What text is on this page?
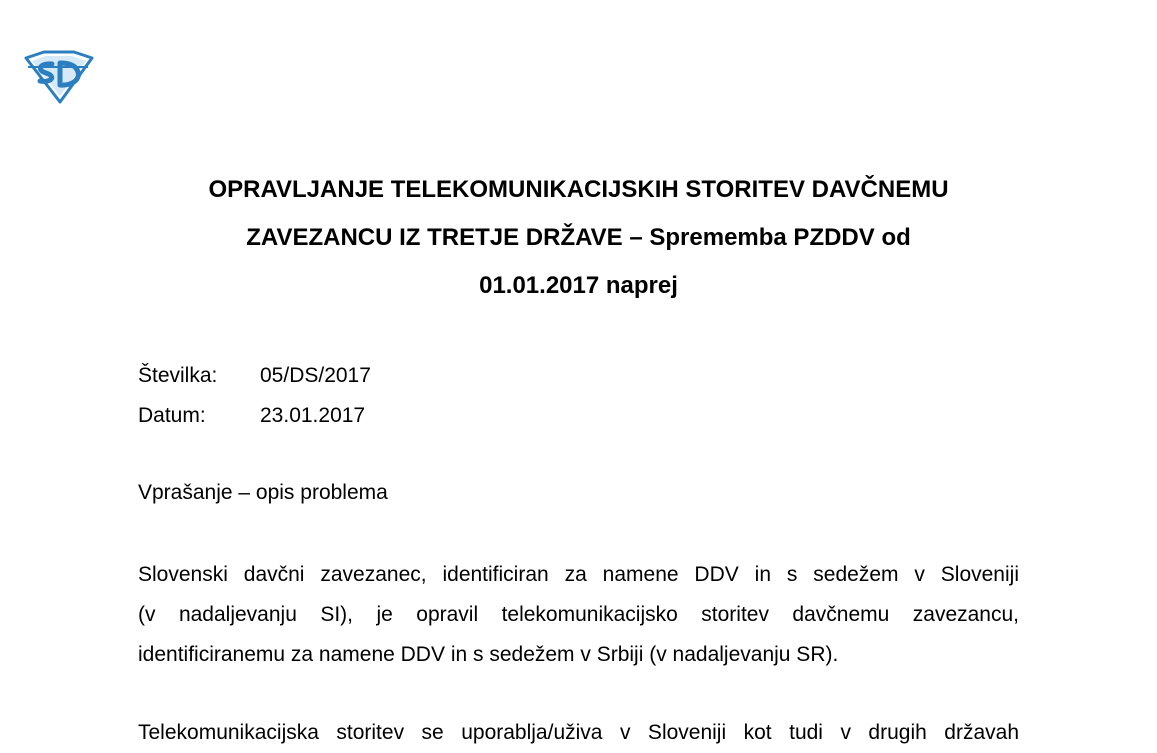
OPRAVLJANJE TELEKOMUNIKACIJSKIH STORITEV DAVČNEMU
ZAVEZANCU IZ TRETJE DRŽAVE – Sprememba PZDDV od
01.01.2017 naprej
Številka:	05/DS/2017
Datum:	23.01.2017
Vprašanje – opis problema
Slovenski davčni zavezanec, identificiran za namene DDV in s sedežem v Sloveniji
(v nadaljevanju SI), je opravil telekomunikacijsko storitev davčnemu zavezancu,
identificiranemu za namene DDV in s sedežem v Srbiji (v nadaljevanju SR).
Telekomunikacijska storitev se uporablja/uživa v Sloveniji kot tudi v drugih državah
